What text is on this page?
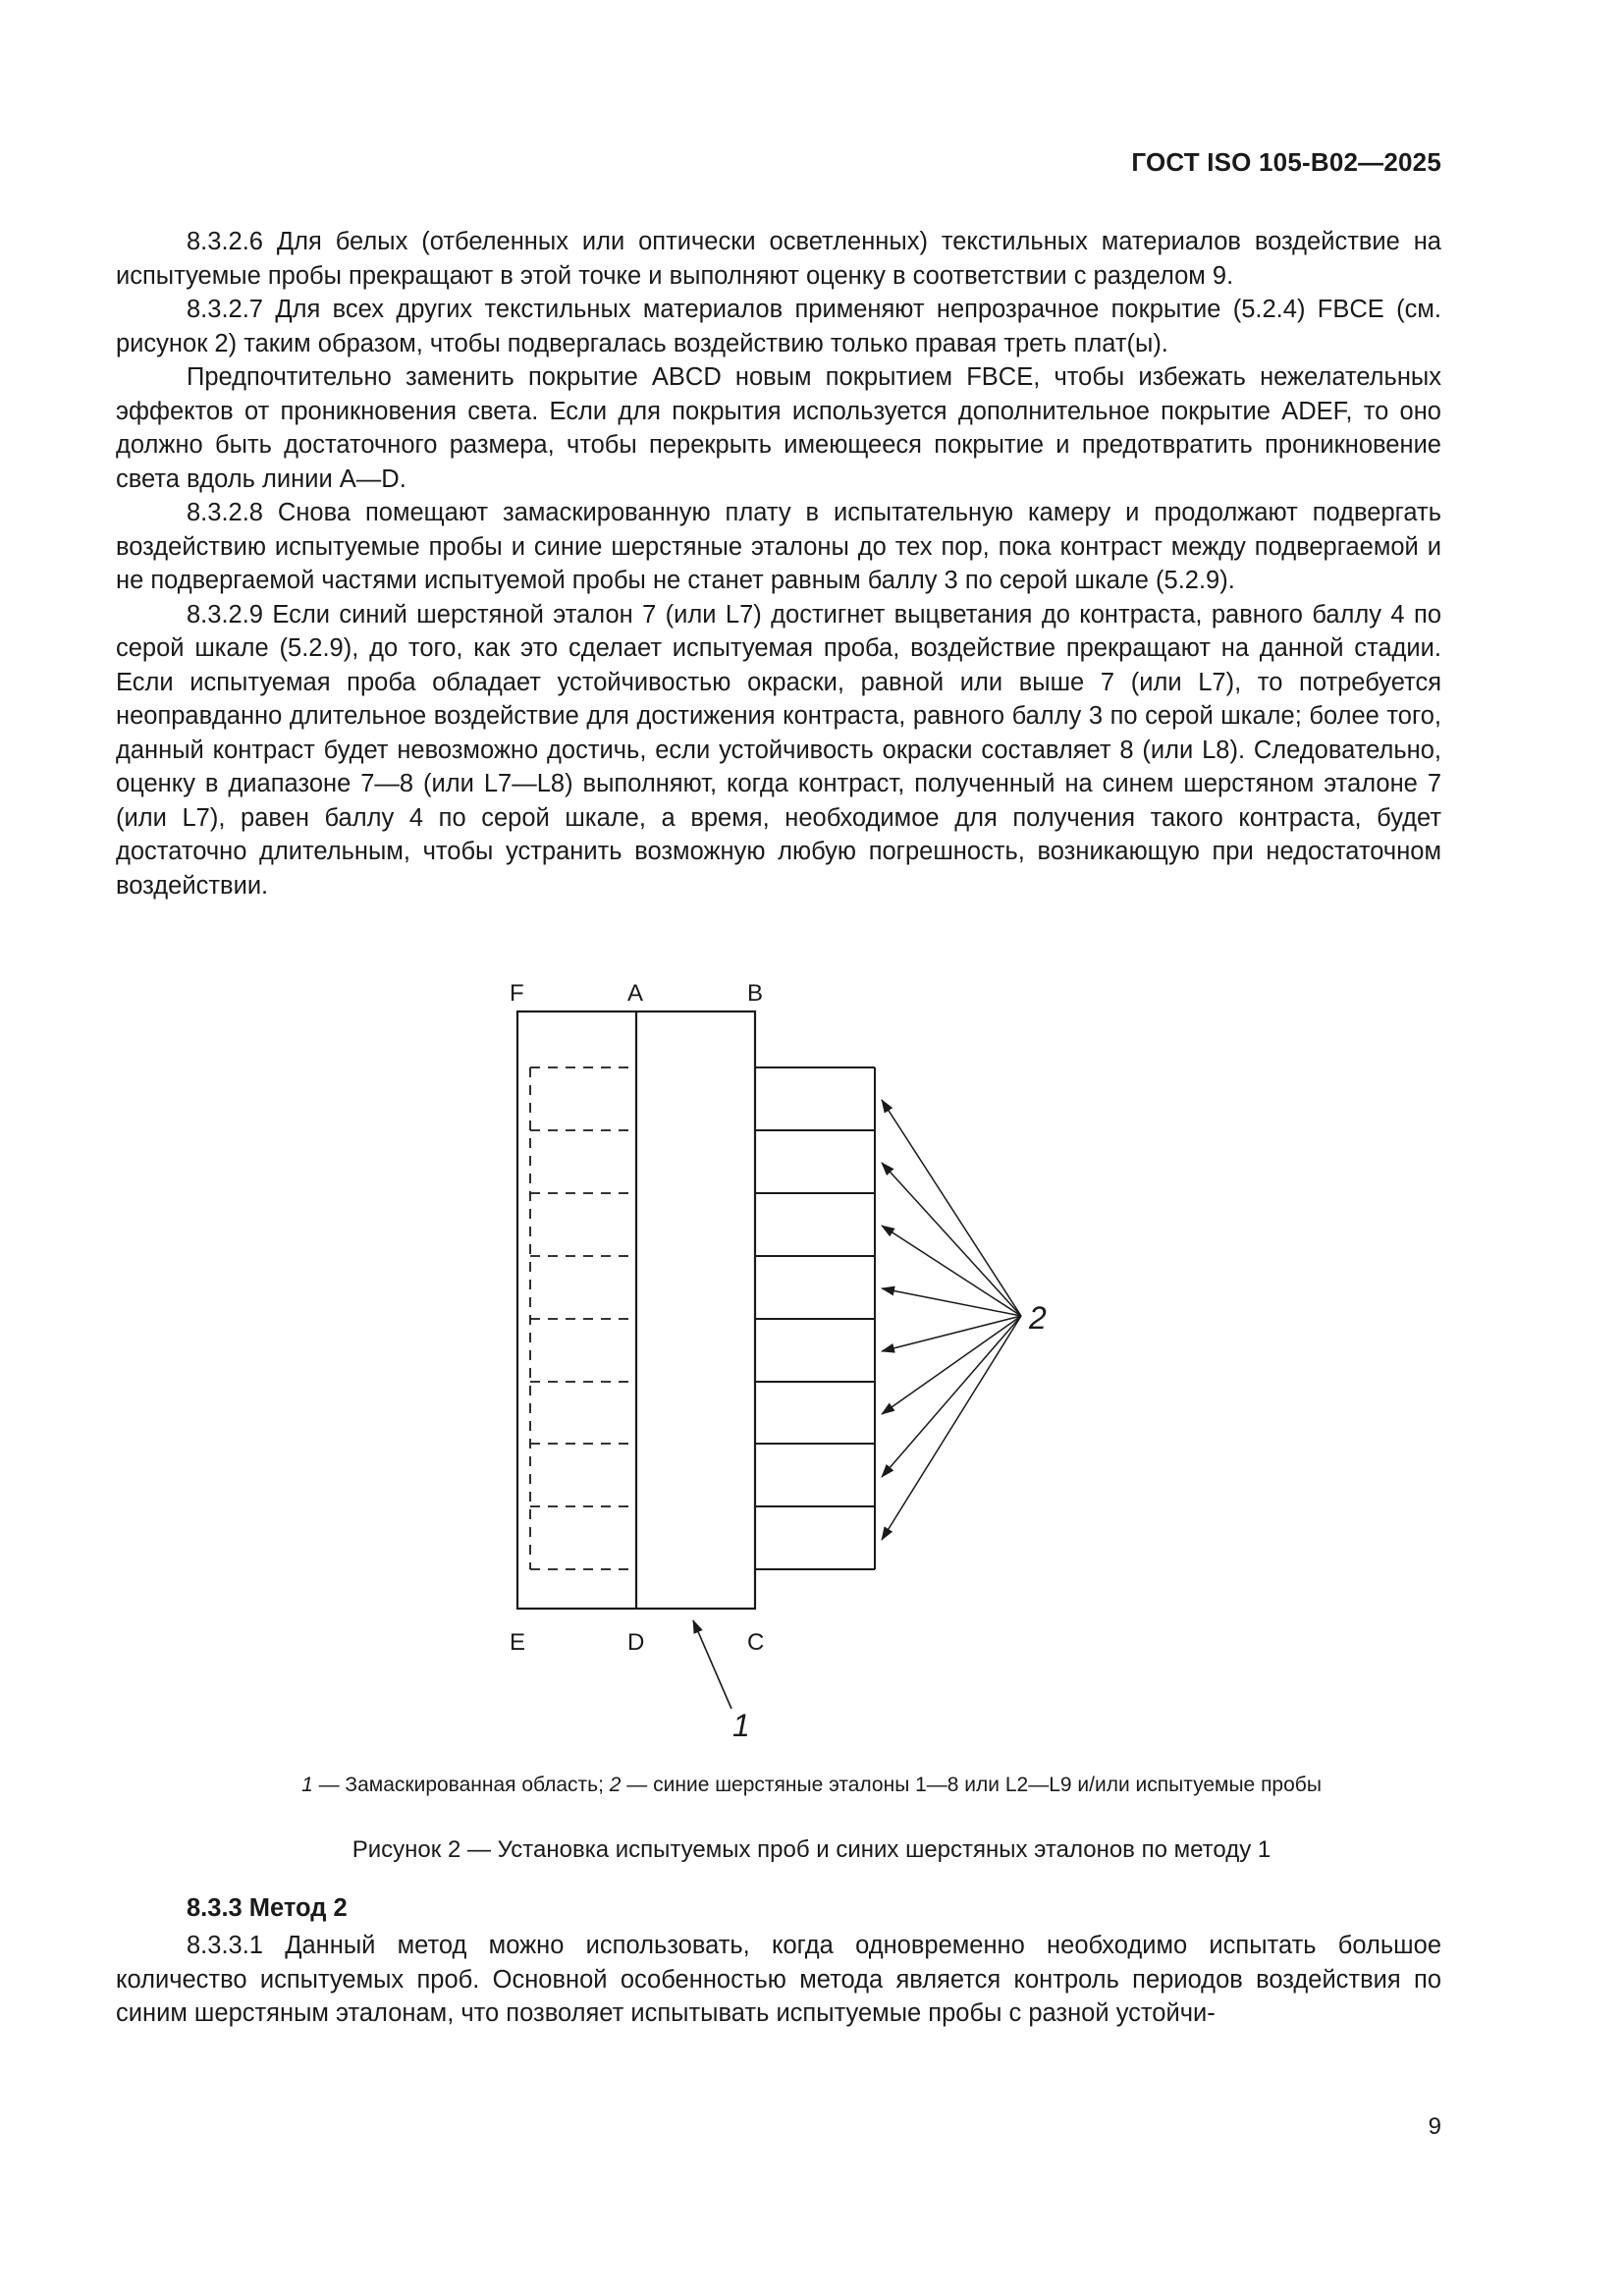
ГОСТ ISO 105-B02—2025

8.3.2.6 Для белых (отбеленных или оптически осветленных) текстильных материалов воздействие на испытуемые пробы прекращают в этой точке и выполняют оценку в соответствии с разделом 9.

8.3.2.7 Для всех других текстильных материалов применяют непрозрачное покрытие (5.2.4) FBCE (см. рисунок 2) таким образом, чтобы подвергалась воздействию только правая треть плат(ы).

Предпочтительно заменить покрытие ABCD новым покрытием FBCE, чтобы избежать нежелательных эффектов от проникновения света. Если для покрытия используется дополнительное покрытие ADEF, то оно должно быть достаточного размера, чтобы перекрыть имеющееся покрытие и предотвратить проникновение света вдоль линии A—D.

8.3.2.8 Снова помещают замаскированную плату в испытательную камеру и продолжают подвергать воздействию испытуемые пробы и синие шерстяные эталоны до тех пор, пока контраст между подвергаемой и не подвергаемой частями испытуемой пробы не станет равным баллу 3 по серой шкале (5.2.9).

8.3.2.9 Если синий шерстяной эталон 7 (или L7) достигнет выцветания до контраста, равного баллу 4 по серой шкале (5.2.9), до того, как это сделает испытуемая проба, воздействие прекращают на данной стадии. Если испытуемая проба обладает устойчивостью окраски, равной или выше 7 (или L7), то потребуется неоправданно длительное воздействие для достижения контраста, равного баллу 3 по серой шкале; более того, данный контраст будет невозможно достичь, если устойчивость окраски составляет 8 (или L8). Следовательно, оценку в диапазоне 7—8 (или L7—L8) выполняют, когда контраст, полученный на синем шерстяном эталоне 7 (или L7), равен баллу 4 по серой шкале, а время, необходимое для получения такого контраста, будет достаточно длительным, чтобы устранить возможную любую погрешность, возникающую при недостаточном воздействии.

F	A	B
E	D	C
1
2
1 — Замаскированная область; 2 — синие шерстяные эталоны 1—8 или L2—L9 и/или испытуемые пробы
Рисунок 2 — Установка испытуемых проб и синих шерстяных эталонов по методу 1
8.3.3 Метод 2

8.3.3.1 Данный метод можно использовать, когда одновременно необходимо испытать большое количество испытуемых проб. Основной особенностью метода является контроль периодов воздействия по синим шерстяным эталонам, что позволяет испытывать испытуемые пробы с разной устойчи-

9
